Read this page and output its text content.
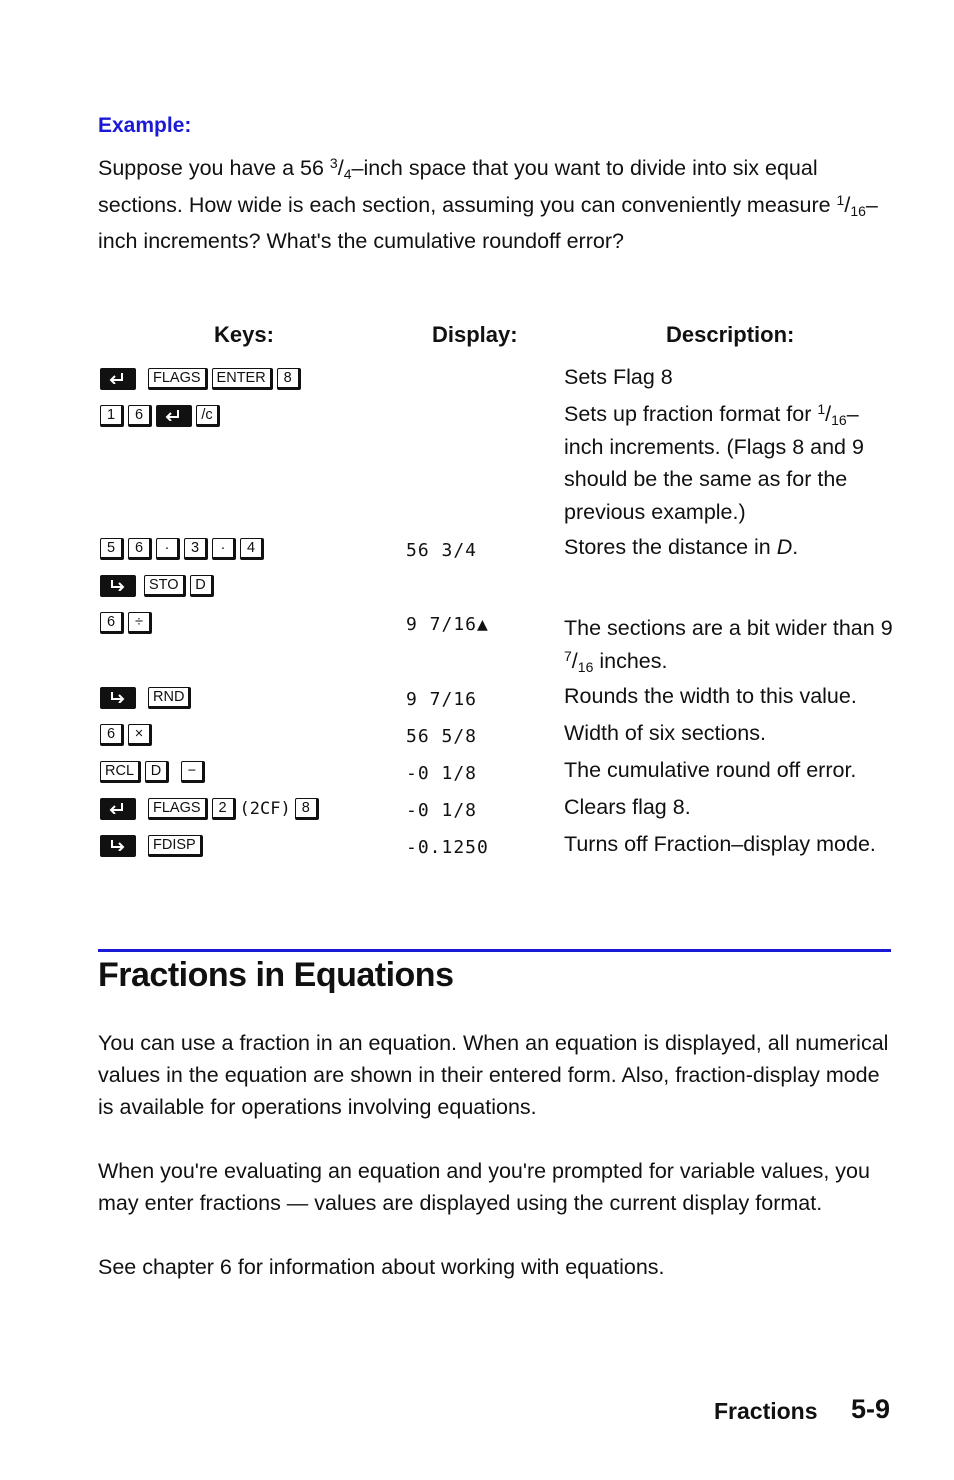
Example:
Suppose you have a 56 $^3/_4$–inch space that you want to divide into six equal sections. How wide is each section, assuming you can conveniently measure $^1/_{16}$–inch increments? What's the cumulative roundoff error?
Keys:	Display:	Description:
FLAGS	ENTER	8	Sets Flag 8
1	6	/c	Sets up fraction format for $^1/_{16}$–inch increments. (Flags 8 and 9 should be the same as for the previous example.)
5	6	·	3	·	4	56 3/4	Stores the distance in D.
STO	D
6	÷	9 7/16▲	The sections are a bit wider than 9 $^7/_{16}$ inches.
RND	9 7/16	Rounds the width to this value.
6	×	56 5/8	Width of six sections.
RCL	D	−	-0 1/8	The cumulative round off error.
FLAGS	2 (2CF) 8	-0 1/8	Clears flag 8.
FDISP	-0.1250	Turns off Fraction–display mode.
Fractions in Equations
You can use a fraction in an equation. When an equation is displayed, all numerical values in the equation are shown in their entered form. Also, fraction-display mode is available for operations involving equations.
When you're evaluating an equation and you're prompted for variable values, you may enter fractions — values are displayed using the current display format.
See chapter 6 for information about working with equations.
Fractions 5-9
